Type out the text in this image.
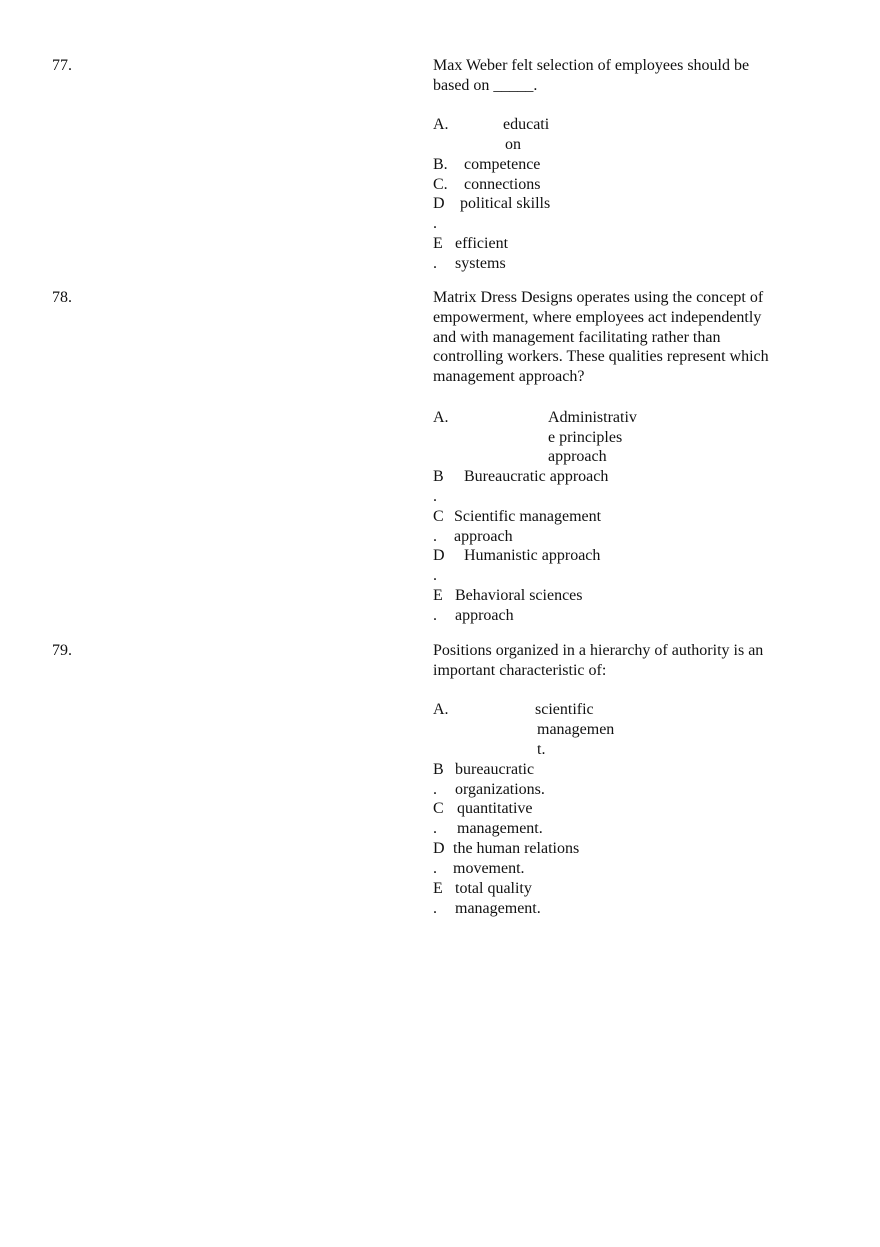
77.	Max Weber felt selection of employees should be
based on _____.
A.	educati
on
B. competence
C. connections
D political skills
.
E efficient
. systems
78.	Matrix Dress Designs operates using the concept of
empowerment, where employees act independently
and with management facilitating rather than
controlling workers. These qualities represent which
management approach?
A.	Administrativ
e principles
approach
B Bureaucratic approach
.
C Scientific management
. approach
D Humanistic approach
.
E Behavioral sciences
. approach
79.	Positions organized in a hierarchy of authority is an
important characteristic of:
A.	scientific
managemen
t.
B bureaucratic
. organizations.
C quantitative
. management.
D the human relations
. movement.
E total quality
. management.
